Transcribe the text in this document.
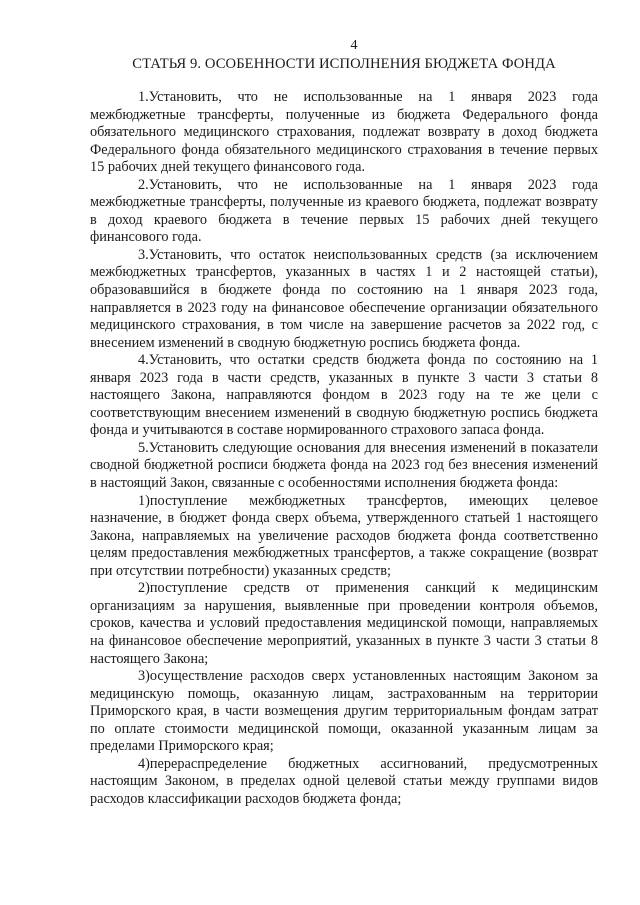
4
СТАТЬЯ 9. ОСОБЕННОСТИ ИСПОЛНЕНИЯ БЮДЖЕТА ФОНДА

1.Установить, что не использованные на 1 января 2023 года межбюджетные трансферты, полученные из бюджета Федерального фонда обязательного медицинского страхования, подлежат возврату в доход бюджета Федерального фонда обязательного медицинского страхования в течение первых 15 рабочих дней текущего финансового года.

2.Установить, что не использованные на 1 января 2023 года межбюджетные трансферты, полученные из краевого бюджета, подлежат возврату в доход краевого бюджета в течение первых 15 рабочих дней текущего финансового года.

3.Установить, что остаток неиспользованных средств (за исключением межбюджетных трансфертов, указанных в частях 1 и 2 настоящей статьи), образовавшийся в бюджете фонда по состоянию на 1 января 2023 года, направляется в 2023 году на финансовое обеспечение организации обязательного медицинского страхования, в том числе на завершение расчетов за 2022 год, с внесением изменений в сводную бюджетную роспись бюджета фонда.

4.Установить, что остатки средств бюджета фонда по состоянию на 1 января 2023 года в части средств, указанных в пункте 3 части 3 статьи 8 настоящего Закона, направляются фондом в 2023 году на те же цели с соответствующим внесением изменений в сводную бюджетную роспись бюджета фонда и учитываются в составе нормированного страхового запаса фонда.

5.Установить следующие основания для внесения изменений в показатели сводной бюджетной росписи бюджета фонда на 2023 год без внесения изменений в настоящий Закон, связанные с особенностями исполнения бюджета фонда:

1)поступление межбюджетных трансфертов, имеющих целевое назначение, в бюджет фонда сверх объема, утвержденного статьей 1 настоящего Закона, направляемых на увеличение расходов бюджета фонда соответственно целям предоставления межбюджетных трансфертов, а также сокращение (возврат при отсутствии потребности) указанных средств;

2)поступление средств от применения санкций к медицинским организациям за нарушения, выявленные при проведении контроля объемов, сроков, качества и условий предоставления медицинской помощи, направляемых на финансовое обеспечение мероприятий, указанных в пункте 3 части 3 статьи 8 настоящего Закона;

3)осуществление расходов сверх установленных настоящим Законом за медицинскую помощь, оказанную лицам, застрахованным на территории Приморского края, в части возмещения другим территориальным фондам затрат по оплате стоимости медицинской помощи, оказанной указанным лицам за пределами Приморского края;

4)перераспределение бюджетных ассигнований, предусмотренных настоящим Законом, в пределах одной целевой статьи между группами видов расходов классификации расходов бюджета фонда;
